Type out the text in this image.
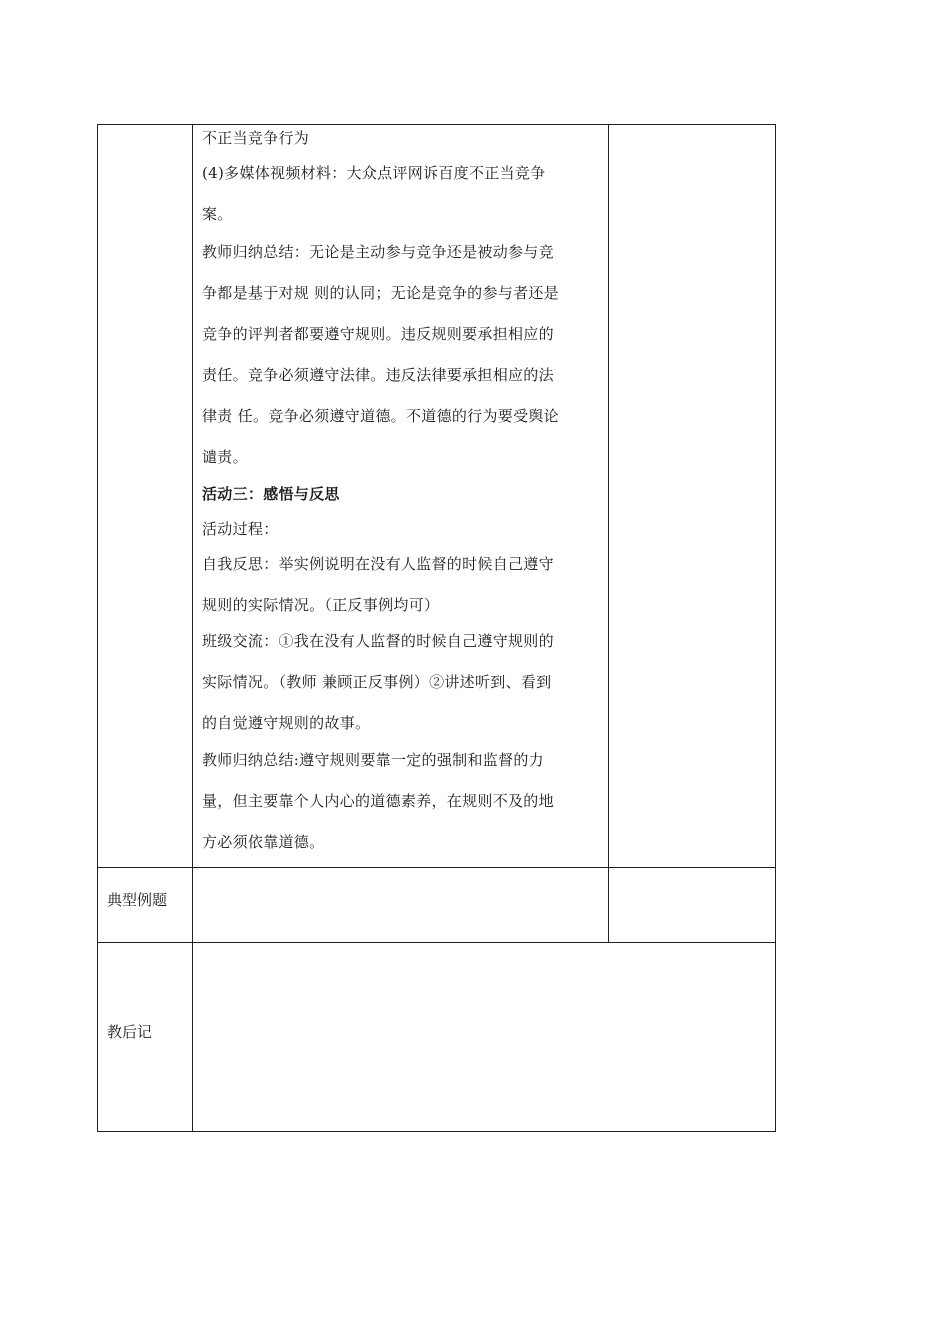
不正当竞争行为
(4)多媒体视频材料：大众点评网诉百度不正当竞争
案。
教师归纳总结：无论是主动参与竞争还是被动参与竞
争都是基于对规 则的认同；无论是竞争的参与者还是
竞争的评判者都要遵守规则。违反规则要承担相应的
责任。竞争必须遵守法律。违反法律要承担相应的法
律责 任。竞争必须遵守道德。不道德的行为要受舆论
谴责。
活动三：感悟与反思
活动过程：
自我反思：举实例说明在没有人监督的时候自己遵守
规则的实际情况。（正反事例均可）
班级交流：①我在没有人监督的时候自己遵守规则的
实际情况。（教师 兼顾正反事例）②讲述听到、看到
的自觉遵守规则的故事。
教师归纳总结:遵守规则要靠一定的强制和监督的力
量，但主要靠个人内心的道德素养，在规则不及的地
方必须依靠道德。
典型例题
教后记
